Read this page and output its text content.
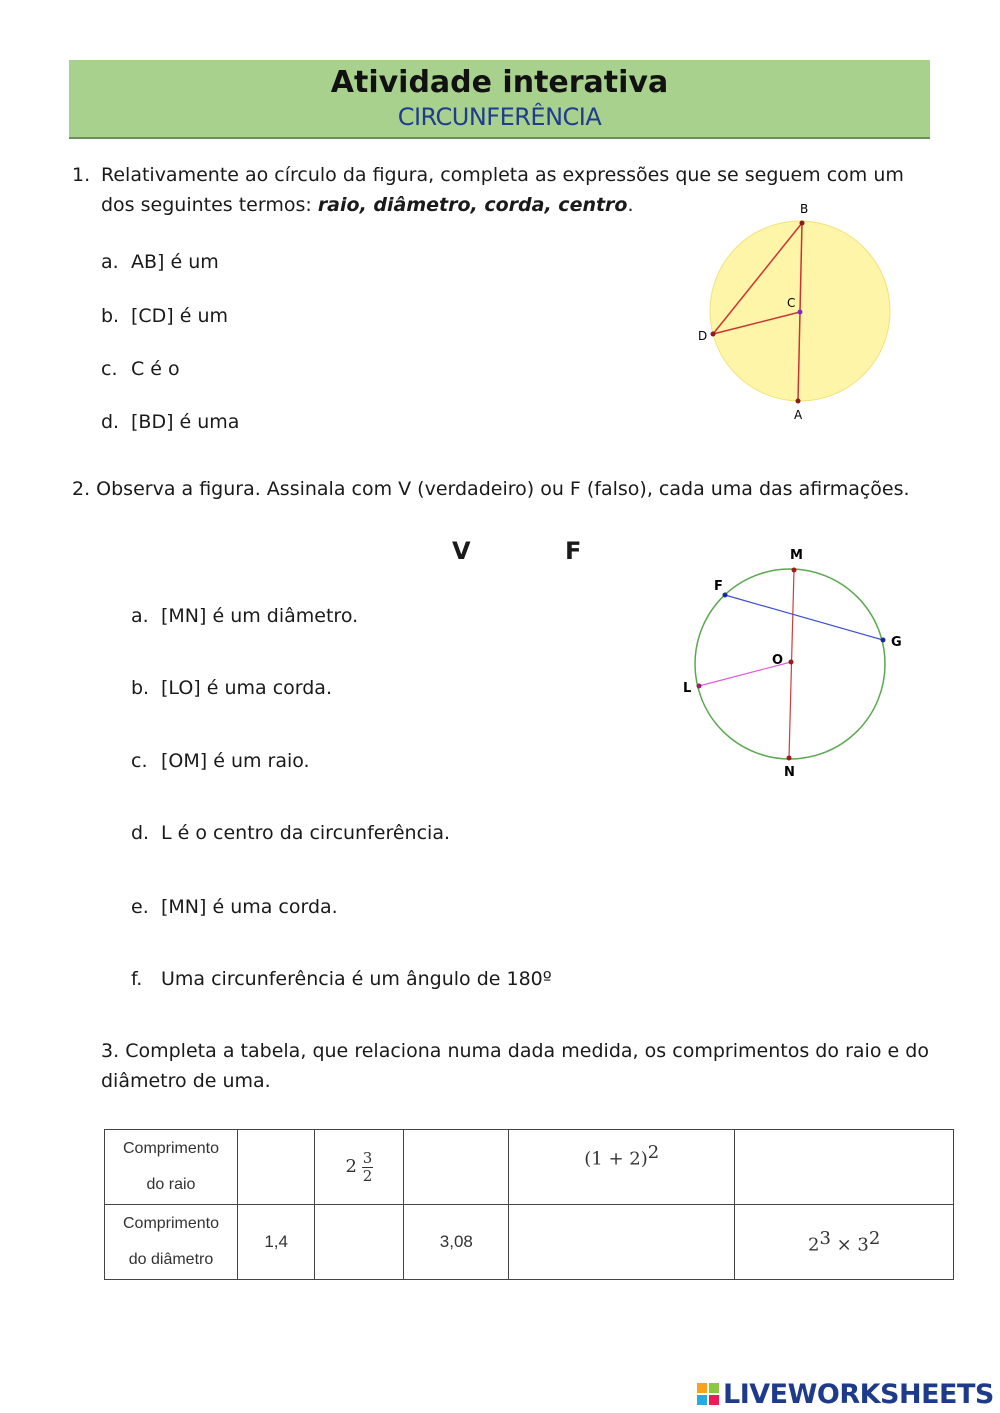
Atividade interativa
CIRCUNFERÊNCIA
1. Relativamente ao círculo da figura, completa as expressões que se seguem com um dos seguintes termos: raio, diâmetro, corda, centro.
a. AB] é um
b. [CD] é um
c. C é o
d. [BD] é uma
B
A
D
C
2. Observa a figura. Assinala com V (verdadeiro) ou F (falso), cada uma das afirmações.
V	F
a. [MN] é um diâmetro.
b. [LO] é uma corda.
c. [OM] é um raio.
d. L é o centro da circunferência.
e. [MN] é uma corda.
f. Uma circunferência é um ângulo de 180º
M
N
F
G
O
L
3. Completa a tabela, que relaciona numa dada medida, os comprimentos do raio e do diâmetro de uma.
Comprimento
do raio		$2 \frac{3}{2}$		$(1 + 2)^2$	
Comprimento
do diâmetro	1,4		3,08		$2^3 \times 3^2$
LIVEWORKSHEETS
